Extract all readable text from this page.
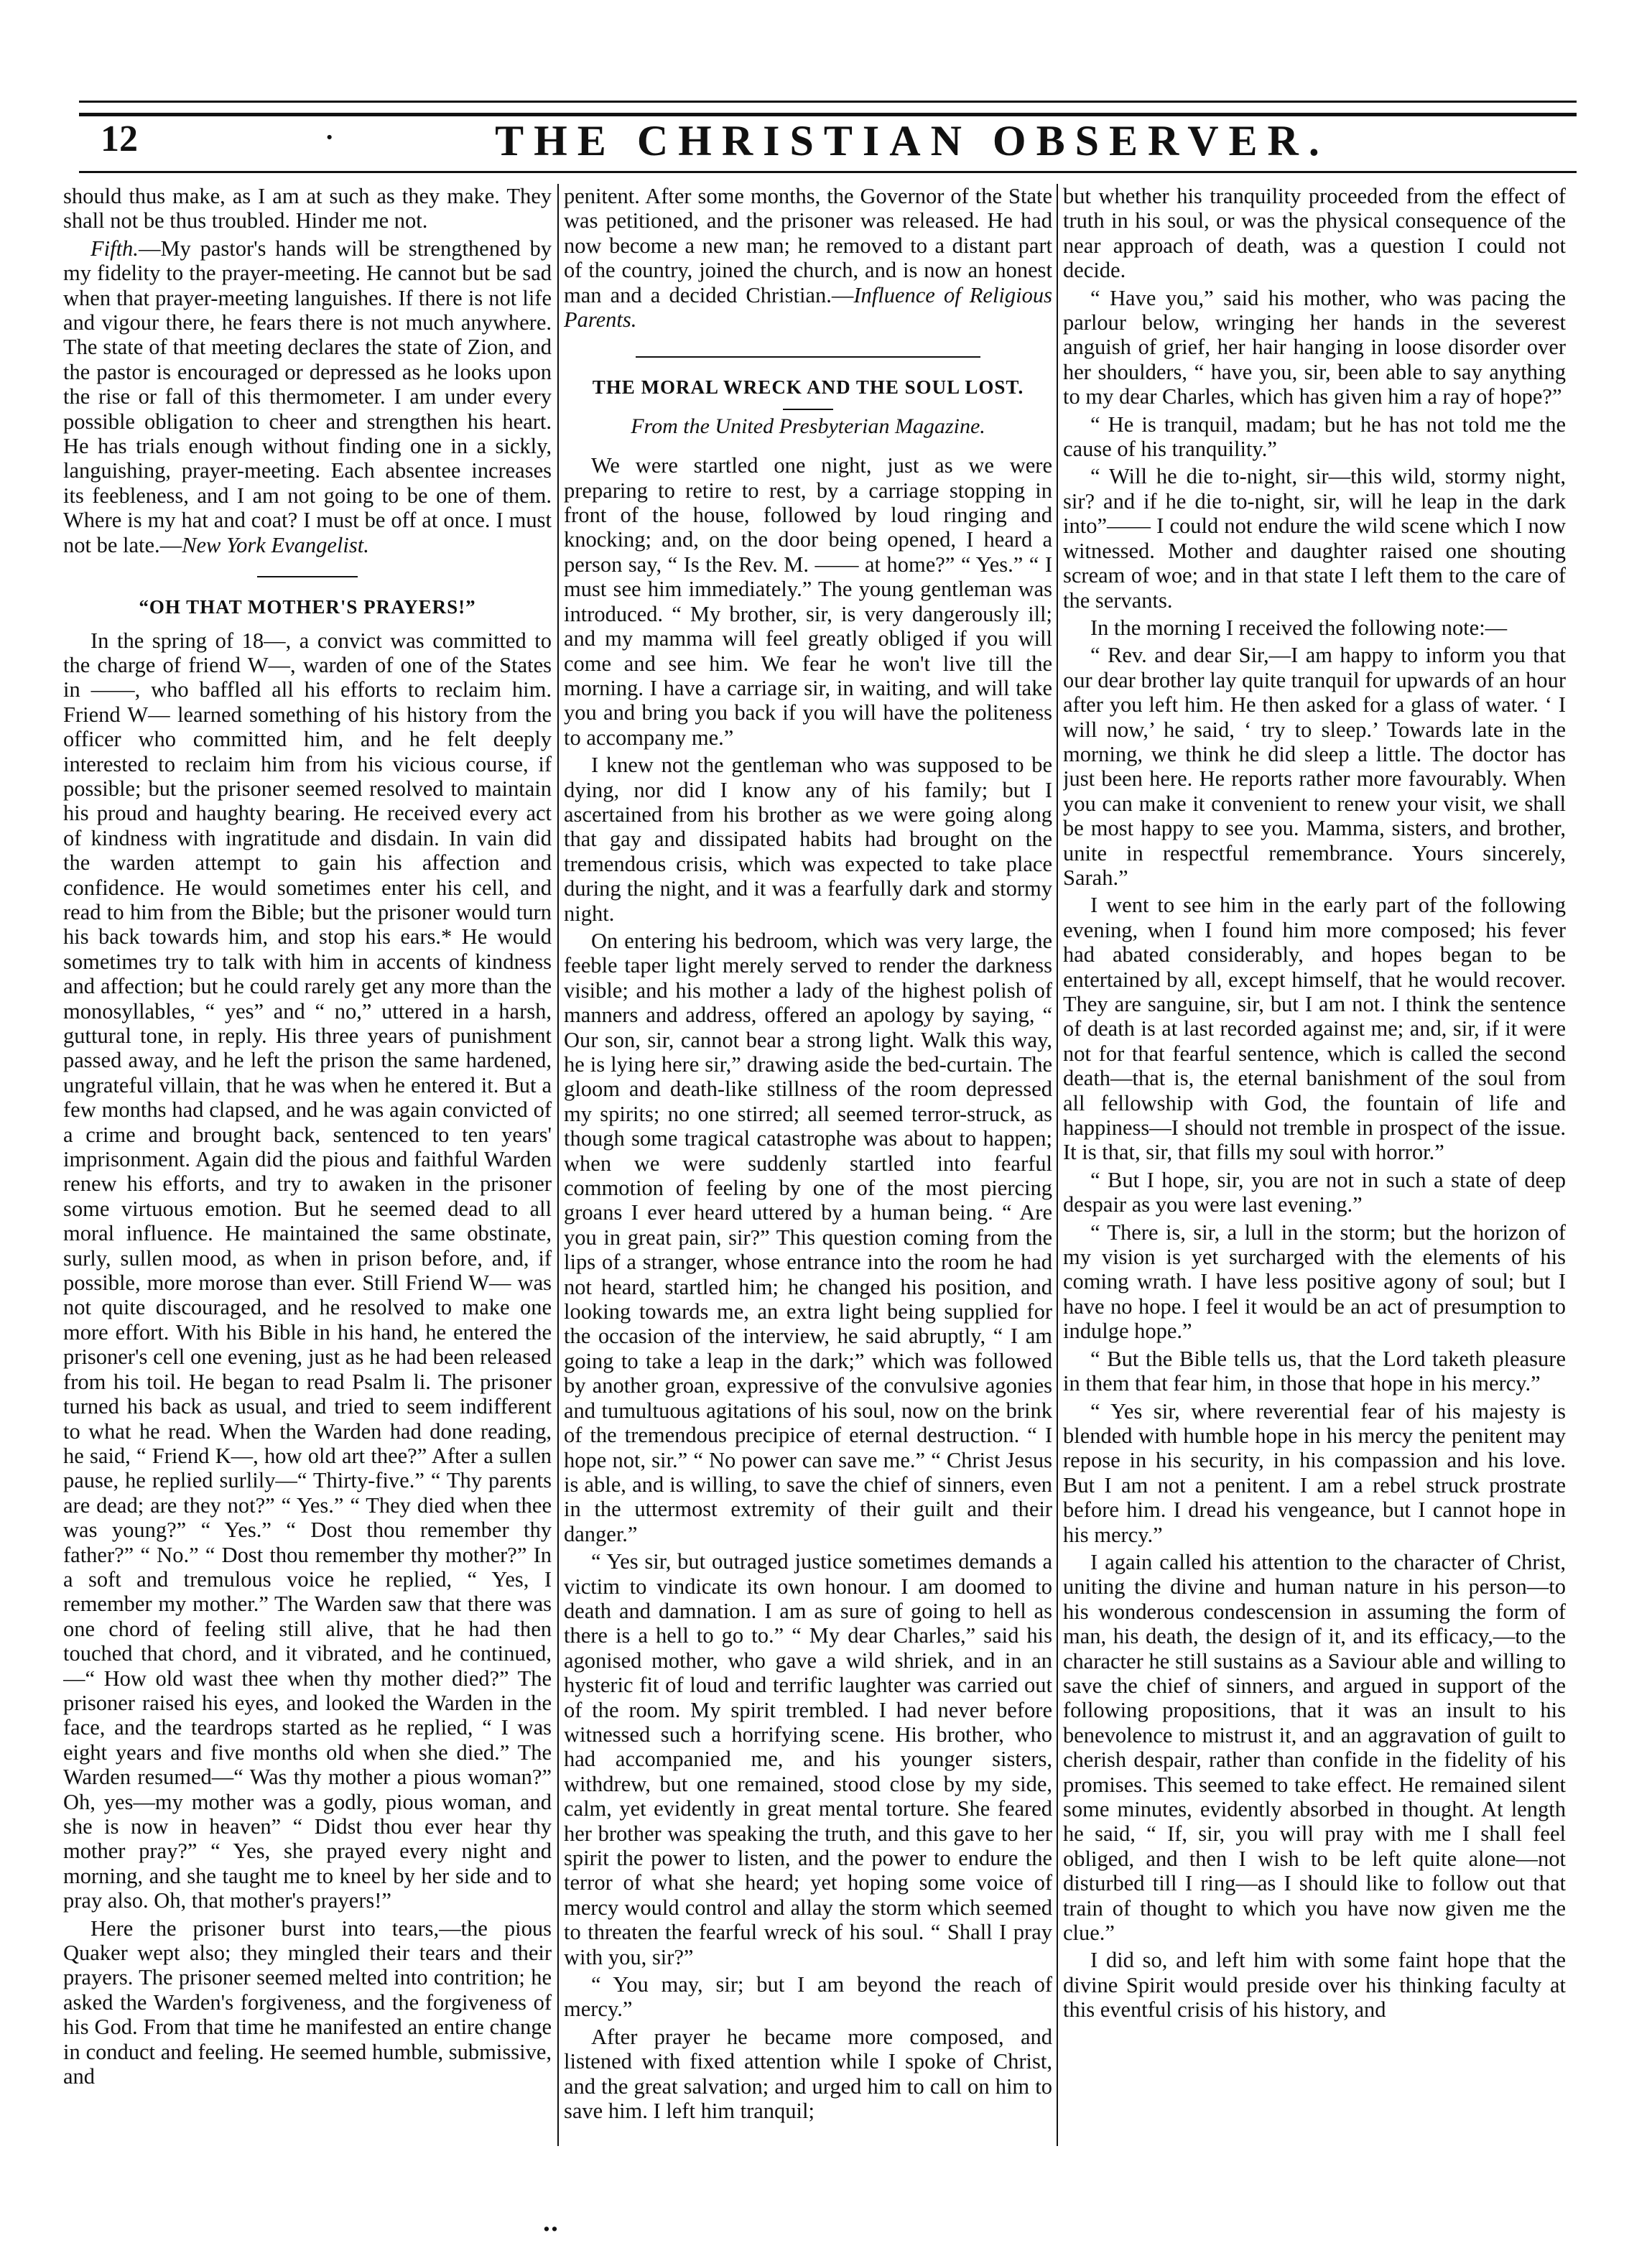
12	·	THE CHRISTIAN OBSERVER.

should thus make, as I am at such as they make. They shall not be thus troubled. Hinder me not.

Fifth.—My pastor's hands will be strengthened by my fidelity to the prayer-meeting. He cannot but be sad when that prayer-meeting languishes. If there is not life and vigour there, he fears there is not much anywhere. The state of that meeting declares the state of Zion, and the pastor is encouraged or depressed as he looks upon the rise or fall of this thermometer. I am under every possible obligation to cheer and strengthen his heart. He has trials enough without finding one in a sickly, languishing, prayer-meeting. Each absentee increases its feebleness, and I am not going to be one of them. Where is my hat and coat? I must be off at once. I must not be late.—New York Evangelist.

“OH THAT MOTHER'S PRAYERS!”

In the spring of 18—, a convict was committed to the charge of friend W—, warden of one of the States in ——, who baffled all his efforts to reclaim him. Friend W— learned something of his history from the officer who committed him, and he felt deeply interested to reclaim him from his vicious course, if possible; but the prisoner seemed resolved to maintain his proud and haughty bearing. He received every act of kindness with ingratitude and disdain. In vain did the warden attempt to gain his affection and confidence. He would sometimes enter his cell, and read to him from the Bible; but the prisoner would turn his back towards him, and stop his ears.* He would sometimes try to talk with him in accents of kindness and affection; but he could rarely get any more than the monosyllables, “ yes” and “ no,” uttered in a harsh, guttural tone, in reply. His three years of punishment passed away, and he left the prison the same hardened, ungrateful villain, that he was when he entered it. But a few months had clapsed, and he was again convicted of a crime and brought back, sentenced to ten years' imprisonment. Again did the pious and faithful Warden renew his efforts, and try to awaken in the prisoner some virtuous emotion. But he seemed dead to all moral influence. He maintained the same obstinate, surly, sullen mood, as when in prison before, and, if possible, more morose than ever. Still Friend W— was not quite discouraged, and he resolved to make one more effort. With his Bible in his hand, he entered the prisoner's cell one evening, just as he had been released from his toil. He began to read Psalm li. The prisoner turned his back as usual, and tried to seem indifferent to what he read. When the Warden had done reading, he said, “ Friend K—, how old art thee?” After a sullen pause, he replied surlily—“ Thirty-five.” “ Thy parents are dead; are they not?” “ Yes.” “ They died when thee was young?” “ Yes.” “ Dost thou remember thy father?” “ No.” “ Dost thou remember thy mother?” In a soft and tremulous voice he replied, “ Yes, I remember my mother.” The Warden saw that there was one chord of feeling still alive, that he had then touched that chord, and it vibrated, and he continued,—“ How old wast thee when thy mother died?” The prisoner raised his eyes, and looked the Warden in the face, and the teardrops started as he replied, “ I was eight years and five months old when she died.” The Warden resumed—“ Was thy mother a pious woman?” Oh, yes—my mother was a godly, pious woman, and she is now in heaven” “ Didst thou ever hear thy mother pray?” “ Yes, she prayed every night and morning, and she taught me to kneel by her side and to pray also. Oh, that mother's prayers!”

Here the prisoner burst into tears,—the pious Quaker wept also; they mingled their tears and their prayers. The prisoner seemed melted into contrition; he asked the Warden's forgiveness, and the forgiveness of his God. From that time he manifested an entire change in conduct and feeling. He seemed humble, submissive, and

penitent. After some months, the Governor of the State was petitioned, and the prisoner was released. He had now become a new man; he removed to a distant part of the country, joined the church, and is now an honest man and a decided Christian.—Influence of Religious Parents.

THE MORAL WRECK AND THE SOUL LOST.
From the United Presbyterian Magazine.

We were startled one night, just as we were preparing to retire to rest, by a carriage stopping in front of the house, followed by loud ringing and knocking; and, on the door being opened, I heard a person say, “ Is the Rev. M. —— at home?” “ Yes.” “ I must see him immediately.” The young gentleman was introduced. “ My brother, sir, is very dangerously ill; and my mamma will feel greatly obliged if you will come and see him. We fear he won't live till the morning. I have a carriage sir, in waiting, and will take you and bring you back if you will have the politeness to accompany me.”

I knew not the gentleman who was supposed to be dying, nor did I know any of his family; but I ascertained from his brother as we were going along that gay and dissipated habits had brought on the tremendous crisis, which was expected to take place during the night, and it was a fearfully dark and stormy night.

On entering his bedroom, which was very large, the feeble taper light merely served to render the darkness visible; and his mother a lady of the highest polish of manners and address, offered an apology by saying, “ Our son, sir, cannot bear a strong light. Walk this way, he is lying here sir,” drawing aside the bed-curtain. The gloom and death-like stillness of the room depressed my spirits; no one stirred; all seemed terror-struck, as though some tragical catastrophe was about to happen; when we were suddenly startled into fearful commotion of feeling by one of the most piercing groans I ever heard uttered by a human being. “ Are you in great pain, sir?” This question coming from the lips of a stranger, whose entrance into the room he had not heard, startled him; he changed his position, and looking towards me, an extra light being supplied for the occasion of the interview, he said abruptly, “ I am going to take a leap in the dark;” which was followed by another groan, expressive of the convulsive agonies and tumultuous agitations of his soul, now on the brink of the tremendous precipice of eternal destruction. “ I hope not, sir.” “ No power can save me.” “ Christ Jesus is able, and is willing, to save the chief of sinners, even in the uttermost extremity of their guilt and their danger.”

“ Yes sir, but outraged justice sometimes demands a victim to vindicate its own honour. I am doomed to death and damnation. I am as sure of going to hell as there is a hell to go to.” “ My dear Charles,” said his agonised mother, who gave a wild shriek, and in an hysteric fit of loud and terrific laughter was carried out of the room. My spirit trembled. I had never before witnessed such a horrifying scene. His brother, who had accompanied me, and his younger sisters, withdrew, but one remained, stood close by my side, calm, yet evidently in great mental torture. She feared her brother was speaking the truth, and this gave to her spirit the power to listen, and the power to endure the terror of what she heard; yet hoping some voice of mercy would control and allay the storm which seemed to threaten the fearful wreck of his soul. “ Shall I pray with you, sir?”

“ You may, sir; but I am beyond the reach of mercy.”

After prayer he became more composed, and listened with fixed attention while I spoke of Christ, and the great salvation; and urged him to call on him to save him. I left him tranquil;

but whether his tranquility proceeded from the effect of truth in his soul, or was the physical consequence of the near approach of death, was a question I could not decide.

“ Have you,” said his mother, who was pacing the parlour below, wringing her hands in the severest anguish of grief, her hair hanging in loose disorder over her shoulders, “ have you, sir, been able to say anything to my dear Charles, which has given him a ray of hope?”

“ He is tranquil, madam; but he has not told me the cause of his tranquility.”

“ Will he die to-night, sir—this wild, stormy night, sir? and if he die to-night, sir, will he leap in the dark into”—— I could not endure the wild scene which I now witnessed. Mother and daughter raised one shouting scream of woe; and in that state I left them to the care of the servants.

In the morning I received the following note:—

“ Rev. and dear Sir,—I am happy to inform you that our dear brother lay quite tranquil for upwards of an hour after you left him. He then asked for a glass of water. ‘ I will now,’ he said, ‘ try to sleep.’ Towards late in the morning, we think he did sleep a little. The doctor has just been here. He reports rather more favourably. When you can make it convenient to renew your visit, we shall be most happy to see you. Mamma, sisters, and brother, unite in respectful remembrance. Yours sincerely, Sarah.”

I went to see him in the early part of the following evening, when I found him more composed; his fever had abated considerably, and hopes began to be entertained by all, except himself, that he would recover. They are sanguine, sir, but I am not. I think the sentence of death is at last recorded against me; and, sir, if it were not for that fearful sentence, which is called the second death—that is, the eternal banishment of the soul from all fellowship with God, the fountain of life and happiness—I should not tremble in prospect of the issue. It is that, sir, that fills my soul with horror.”

“ But I hope, sir, you are not in such a state of deep despair as you were last evening.”

“ There is, sir, a lull in the storm; but the horizon of my vision is yet surcharged with the elements of his coming wrath. I have less positive agony of soul; but I have no hope. I feel it would be an act of presumption to indulge hope.”

“ But the Bible tells us, that the Lord taketh pleasure in them that fear him, in those that hope in his mercy.”

“ Yes sir, where reverential fear of his majesty is blended with humble hope in his mercy the penitent may repose in his security, in his compassion and his love. But I am not a penitent. I am a rebel struck prostrate before him. I dread his vengeance, but I cannot hope in his mercy.”

I again called his attention to the character of Christ, uniting the divine and human nature in his person—to his wonderous condescension in assuming the form of man, his death, the design of it, and its efficacy,—to the character he still sustains as a Saviour able and willing to save the chief of sinners, and argued in support of the following propositions, that it was an insult to his benevolence to mistrust it, and an aggravation of guilt to cherish despair, rather than confide in the fidelity of his promises. This seemed to take effect. He remained silent some minutes, evidently absorbed in thought. At length he said, “ If, sir, you will pray with me I shall feel obliged, and then I wish to be left quite alone—not disturbed till I ring—as I should like to follow out that train of thought to which you have now given me the clue.”

I did so, and left him with some faint hope that the divine Spirit would preside over his thinking faculty at this eventful crisis of his history, and

‥
